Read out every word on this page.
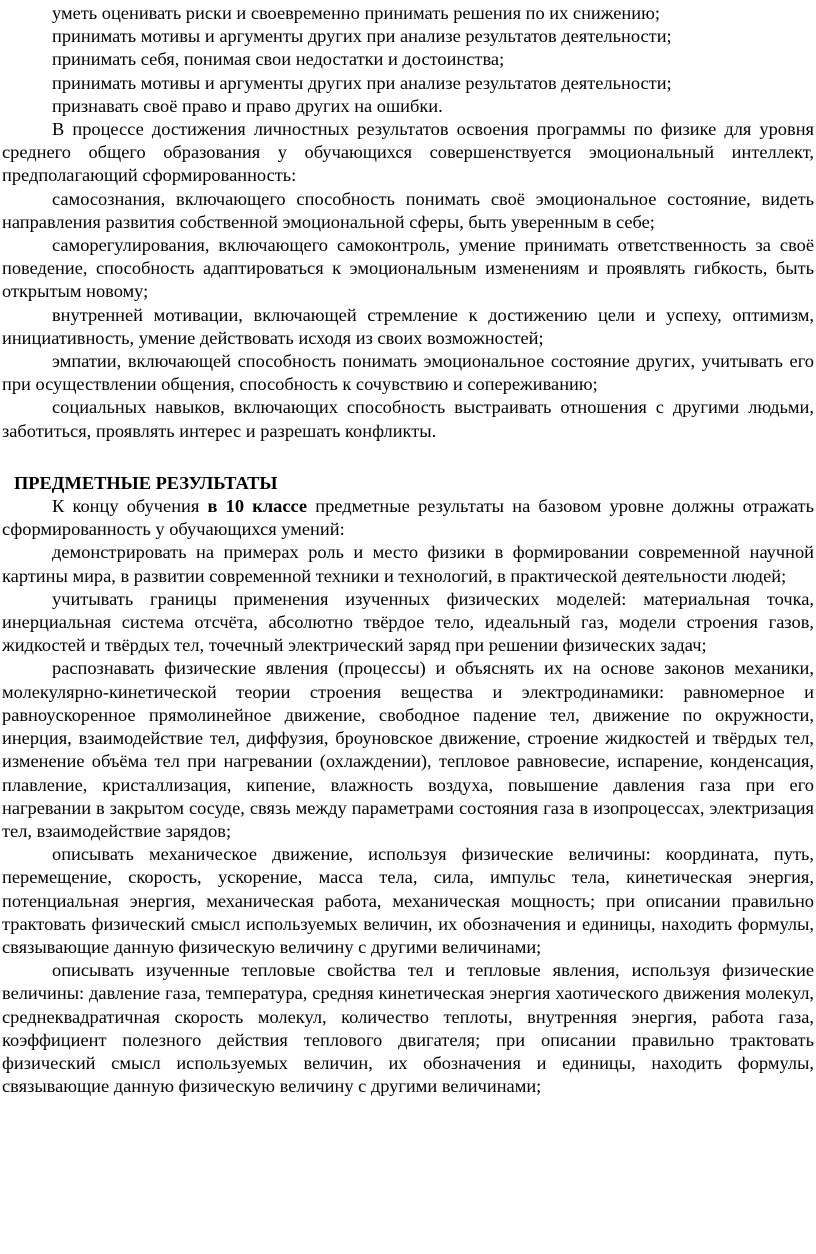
уметь оценивать риски и своевременно принимать решения по их снижению;

принимать мотивы и аргументы других при анализе результатов деятельности;

принимать себя, понимая свои недостатки и достоинства;

принимать мотивы и аргументы других при анализе результатов деятельности;

признавать своё право и право других на ошибки.

В процессе достижения личностных результатов освоения программы по физике для уровня среднего общего образования у обучающихся совершенствуется эмоциональный интеллект, предполагающий сформированность:

самосознания, включающего способность понимать своё эмоциональное состояние, видеть направления развития собственной эмоциональной сферы, быть уверенным в себе;

саморегулирования, включающего самоконтроль, умение принимать ответственность за своё поведение, способность адаптироваться к эмоциональным изменениям и проявлять гибкость, быть открытым новому;

внутренней мотивации, включающей стремление к достижению цели и успеху, оптимизм, инициативность, умение действовать исходя из своих возможностей;

эмпатии, включающей способность понимать эмоциональное состояние других, учитывать его при осуществлении общения, способность к сочувствию и сопереживанию;

социальных навыков, включающих способность выстраивать отношения с другими людьми, заботиться, проявлять интерес и разрешать конфликты.

ПРЕДМЕТНЫЕ РЕЗУЛЬТАТЫ

К концу обучения в 10 классе предметные результаты на базовом уровне должны отражать сформированность у обучающихся умений:

демонстрировать на примерах роль и место физики в формировании современной научной картины мира, в развитии современной техники и технологий, в практической деятельности людей;

учитывать границы применения изученных физических моделей: материальная точка, инерциальная система отсчёта, абсолютно твёрдое тело, идеальный газ, модели строения газов, жидкостей и твёрдых тел, точечный электрический заряд при решении физических задач;

распознавать физические явления (процессы) и объяснять их на основе законов механики, молекулярно-кинетической теории строения вещества и электродинамики: равномерное и равноускоренное прямолинейное движение, свободное падение тел, движение по окружности, инерция, взаимодействие тел, диффузия, броуновское движение, строение жидкостей и твёрдых тел, изменение объёма тел при нагревании (охлаждении), тепловое равновесие, испарение, конденсация, плавление, кристаллизация, кипение, влажность воздуха, повышение давления газа при его нагревании в закрытом сосуде, связь между параметрами состояния газа в изопроцессах, электризация тел, взаимодействие зарядов;

описывать механическое движение, используя физические величины: координата, путь, перемещение, скорость, ускорение, масса тела, сила, импульс тела, кинетическая энергия, потенциальная энергия, механическая работа, механическая мощность; при описании правильно трактовать физический смысл используемых величин, их обозначения и единицы, находить формулы, связывающие данную физическую величину с другими величинами;

описывать изученные тепловые свойства тел и тепловые явления, используя физические величины: давление газа, температура, средняя кинетическая энергия хаотического движения молекул, среднеквадратичная скорость молекул, количество теплоты, внутренняя энергия, работа газа, коэффициент полезного действия теплового двигателя; при описании правильно трактовать физический смысл используемых величин, их обозначения и единицы, находить формулы, связывающие данную физическую величину с другими величинами;
